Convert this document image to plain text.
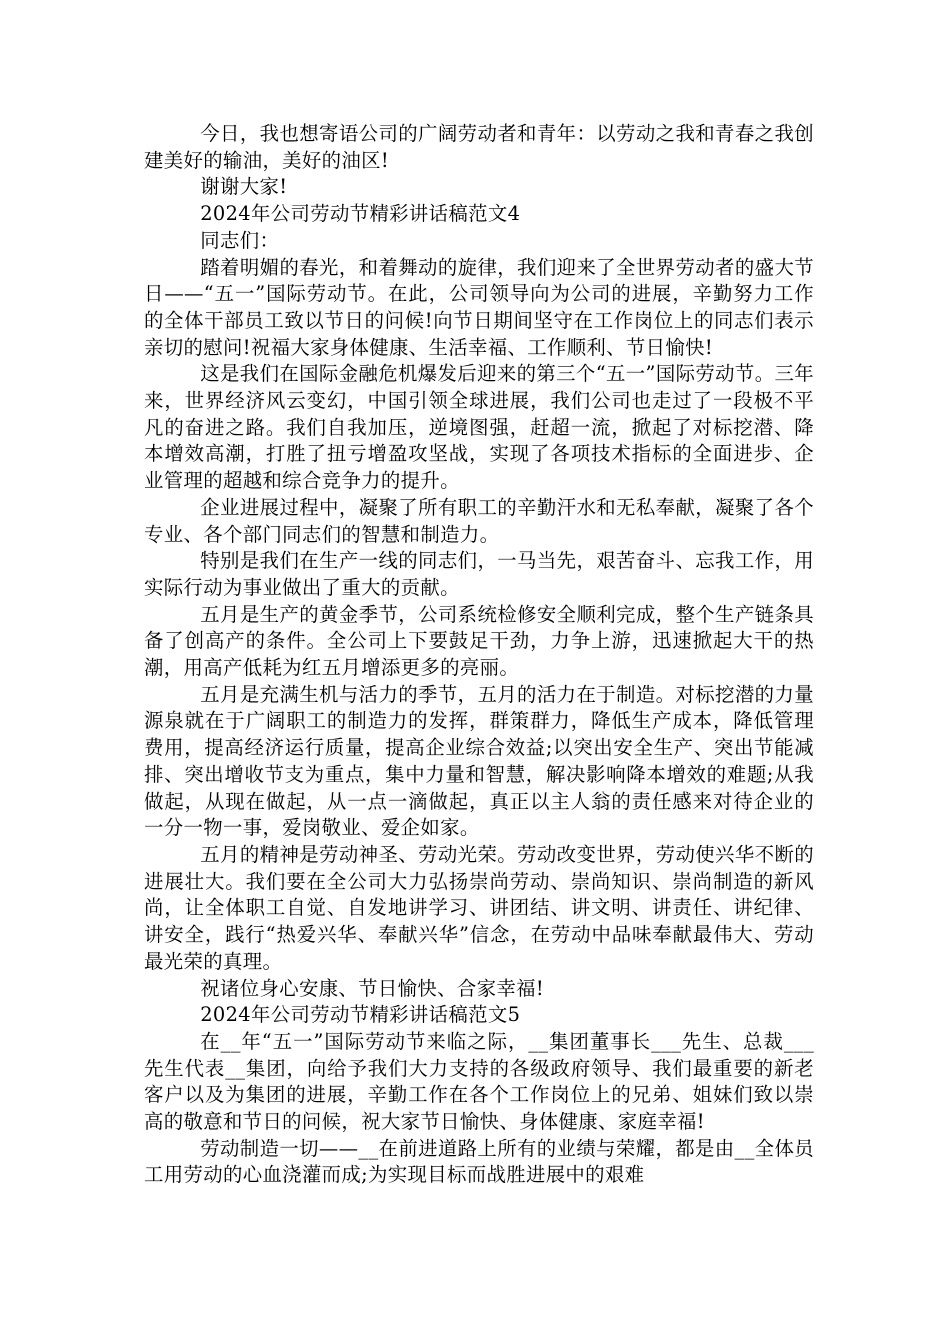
今日，我也想寄语公司的广阔劳动者和青年：以劳动之我和青春之我创建美好的输油，美好的油区!

谢谢大家!

2024年公司劳动节精彩讲话稿范文4

同志们：

踏着明媚的春光，和着舞动的旋律，我们迎来了全世界劳动者的盛大节日——“五一”国际劳动节。在此，公司领导向为公司的进展，辛勤努力工作的全体干部员工致以节日的问候!向节日期间坚守在工作岗位上的同志们表示亲切的慰问!祝福大家身体健康、生活幸福、工作顺利、节日愉快!

这是我们在国际金融危机爆发后迎来的第三个“五一”国际劳动节。三年来，世界经济风云变幻，中国引领全球进展，我们公司也走过了一段极不平凡的奋进之路。我们自我加压，逆境图强，赶超一流，掀起了对标挖潜、降本增效高潮，打胜了扭亏增盈攻坚战，实现了各项技术指标的全面进步、企业管理的超越和综合竞争力的提升。

企业进展过程中，凝聚了所有职工的辛勤汗水和无私奉献，凝聚了各个专业、各个部门同志们的智慧和制造力。

特别是我们在生产一线的同志们，一马当先，艰苦奋斗、忘我工作，用实际行动为事业做出了重大的贡献。

五月是生产的黄金季节，公司系统检修安全顺利完成，整个生产链条具备了创高产的条件。全公司上下要鼓足干劲，力争上游，迅速掀起大干的热潮，用高产低耗为红五月增添更多的亮丽。

五月是充满生机与活力的季节，五月的活力在于制造。对标挖潜的力量源泉就在于广阔职工的制造力的发挥，群策群力，降低生产成本，降低管理费用，提高经济运行质量，提高企业综合效益;以突出安全生产、突出节能减排、突出增收节支为重点，集中力量和智慧，解决影响降本增效的难题;从我做起，从现在做起，从一点一滴做起，真正以主人翁的责任感来对待企业的一分一物一事，爱岗敬业、爱企如家。

五月的精神是劳动神圣、劳动光荣。劳动改变世界，劳动使兴华不断的进展壮大。我们要在全公司大力弘扬崇尚劳动、崇尚知识、崇尚制造的新风尚，让全体职工自觉、自发地讲学习、讲团结、讲文明、讲责任、讲纪律、讲安全，践行“热爱兴华、奉献兴华”信念，在劳动中品味奉献最伟大、劳动最光荣的真理。

祝诸位身心安康、节日愉快、合家幸福!

2024年公司劳动节精彩讲话稿范文5

在__年“五一”国际劳动节来临之际，__集团董事长___先生、总裁___先生代表__集团，向给予我们大力支持的各级政府领导、我们最重要的新老客户以及为集团的进展，辛勤工作在各个工作岗位上的兄弟、姐妹们致以崇高的敬意和节日的问候，祝大家节日愉快、身体健康、家庭幸福!

劳动制造一切——__在前进道路上所有的业绩与荣耀，都是由__全体员工用劳动的心血浇灌而成;为实现目标而战胜进展中的艰难
